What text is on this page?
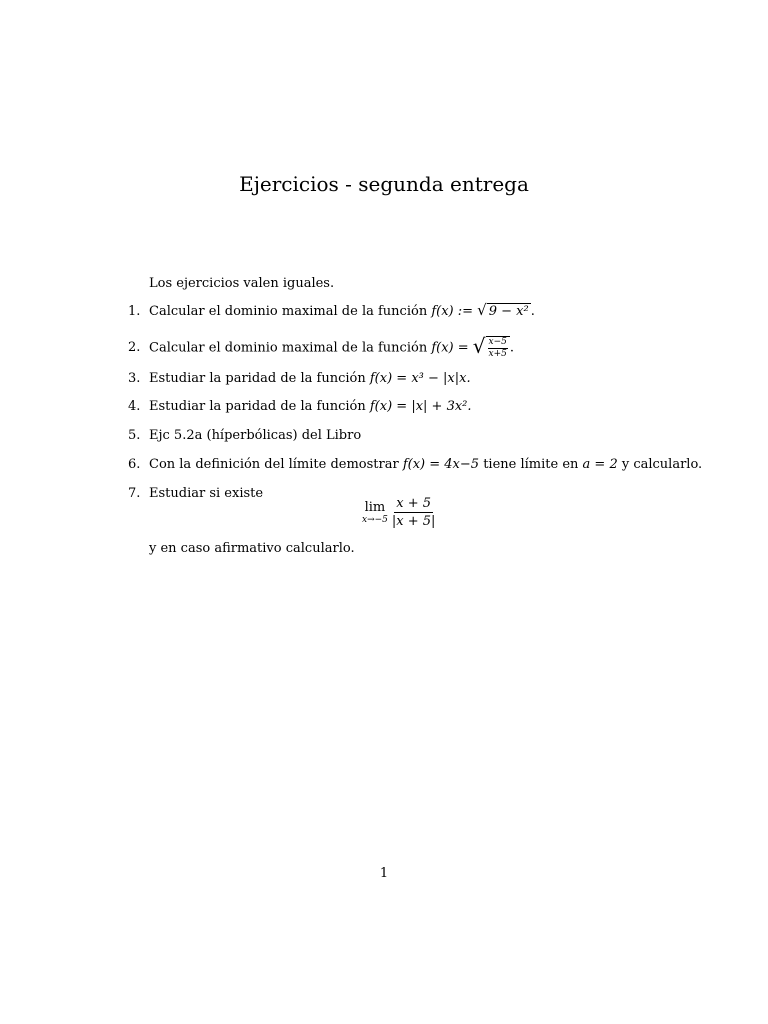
Ejercicios - segunda entrega
Los ejercicios valen iguales.
1. Calcular el dominio maximal de la función f(x) := √ 9 − x² .
2. Calcular el dominio maximal de la función f(x) = √ $\frac{x-5}{x+5}$ .
3. Estudiar la paridad de la función f(x) = x³ − |x|x.
4. Estudiar la paridad de la función f(x) = |x| + 3x².
5. Ejc 5.2a (híperbólicas) del Libro
6. Con la definición del límite demostrar f(x) = 4x−5 tiene límite en a = 2 y calcularlo.
7. Estudiar si existe
lim
x→−5
x + 5
|x + 5|
y en caso afirmativo calcularlo.
1
